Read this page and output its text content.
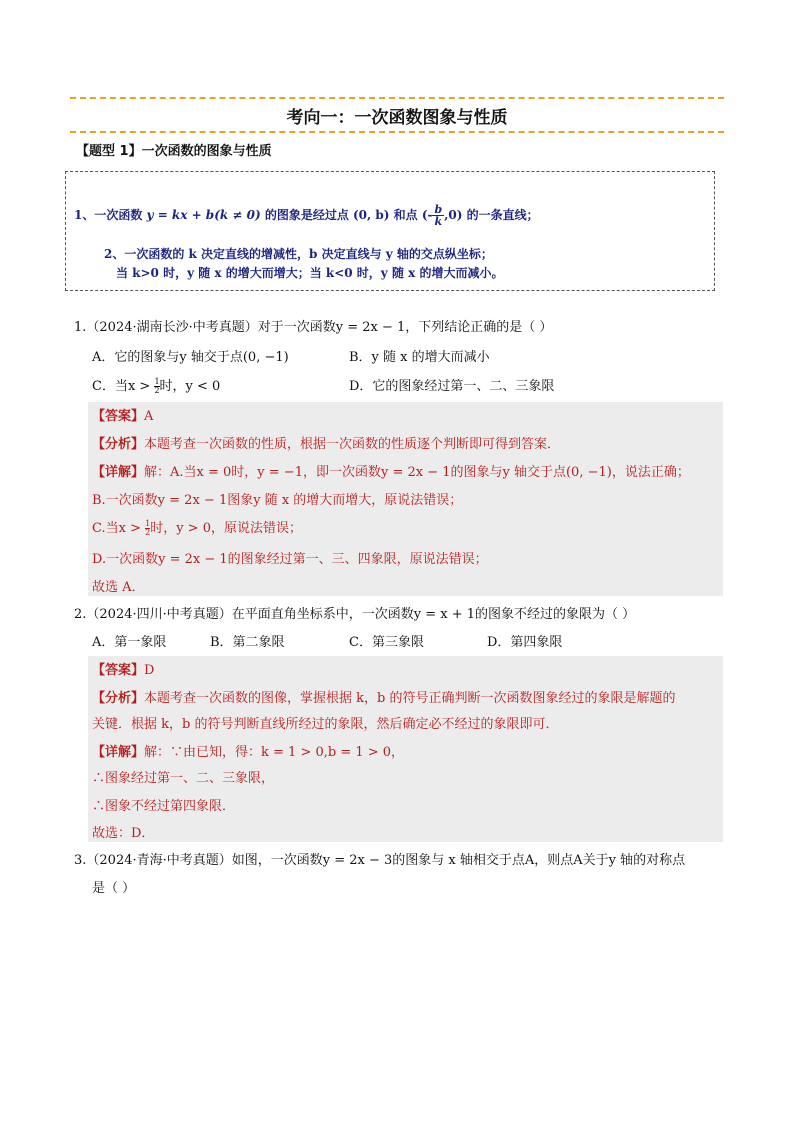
考向一：一次函数图象与性质
【题型 1】一次函数的图象与性质
1、一次函数 y = kx + b(k ≠ 0) 的图象是经过点 (0, b) 和点 (- $\frac{b}{k} ,0$) 的一条直线；
2、一次函数的 k 决定直线的增减性，b 决定直线与 y 轴的交点纵坐标；
当 k>0 时，y 随 x 的增大而增大；当 k<0 时，y 随 x 的增大而减小。
1.（2024·湖南长沙·中考真题）对于一次函数y = 2x − 1，下列结论正确的是（ ）
A．它的图象与y 轴交于点(0, −1)	B．y 随 x 的增大而减小
C．当$x > \frac{1}{2}$ 时，y < 0	D．它的图象经过第一、二、三象限
【答案】A
【分析】本题考查一次函数的性质，根据一次函数的性质逐个判断即可得到答案．
【详解】解：A.当x = 0时，y = −1，即一次函数y = 2x − 1的图象与y 轴交于点(0, −1)，说法正确；
B.一次函数y = 2x − 1图象y 随 x 的增大而增大，原说法错误；
C.当$x > \frac{1}{2}$ 时，y > 0，原说法错误；
D.一次函数y = 2x − 1的图象经过第一、三、四象限，原说法错误；
故选 A．
2.（2024·四川·中考真题）在平面直角坐标系中，一次函数y = x + 1的图象不经过的象限为（ ）
A．第一象限	B．第二象限	C．第三象限	D．第四象限
【答案】D
【分析】本题考查一次函数的图像，掌握根据 k，b 的符号正确判断一次函数图象经过的象限是解题的
关键．根据 k，b 的符号判断直线所经过的象限，然后确定必不经过的象限即可．
【详解】解：∵由已知，得：k = 1 > 0,b = 1 > 0，
∴图象经过第一、二、三象限，
∴图象不经过第四象限．
故选：D．
3.（2024·青海·中考真题）如图，一次函数y = 2x − 3的图象与 x 轴相交于点A，则点A关于y 轴的对称点
是（ ）
